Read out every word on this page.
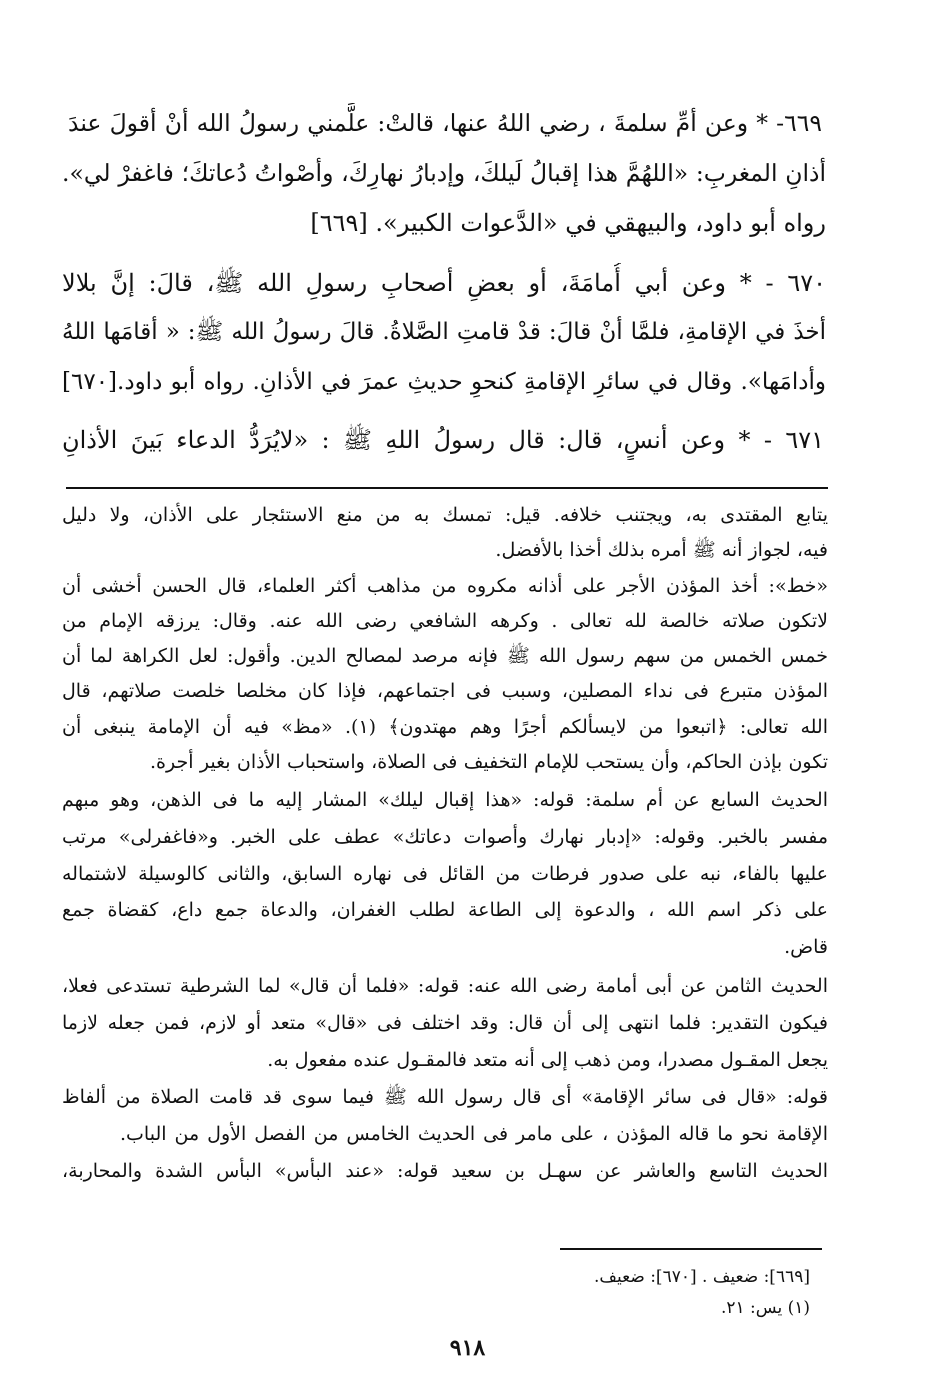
٦٦٩- * وعن أمِّ سلمةَ ، رضي اللهُ عنها، قالتْ: علَّمني رسولُ الله أنْ أقولَ عندَ
أذانِ المغربِ: «اللهُمَّ هذا إقبالُ لَيلكَ، وإدبارُ نهارِكَ، وأصْواتُ دُعاتكَ؛ فاغفرْ لي».
رواه أبو داود، والبيهقي في «الدَّعوات الكبير». [٦٦٩]
٦٧٠ - * وعن أبي أُمامَةَ، أو بعضِ أصحابِ رسولِ الله ﷺ، قالَ: إنَّ بلالا
أخذَ في الإقامةِ، فلمَّا أنْ قالَ: قدْ قامتِ الصَّلاةُ. قالَ رسولُ الله ﷺ: « أقامَها اللهُ
وأدامَها». وقال في سائرِ الإقامةِ كنحوِ حديثِ عمرَ في الأذانِ. رواه أبو داود.[٦٧٠]
٦٧١ - * وعن أنسٍ، قال: قال رسولُ اللهِ ﷺ : «لايُرَدُّ الدعاء بَينَ الأذانِ
يتابع المقتدى به، ويجتنب خلافه. قيل: تمسك به من منع الاستئجار على الأذان، ولا دليل
فيه، لجواز أنه ﷺ أمره بذلك أخذا بالأفضل.
«خط»: أخذ المؤذن الأجر على أذانه مكروه من مذاهب أكثر العلماء، قال الحسن أخشى أن
لاتكون صلاته خالصة لله تعالى . وكرهه الشافعي رضى الله عنه. وقال: يرزقه الإمام من
خمس الخمس من سهم رسول الله ﷺ فإنه مرصد لمصالح الدين. وأقول: لعل الكراهة لما أن
المؤذن متبرع فى نداء المصلين، وسبب فى اجتماعهم، فإذا كان مخلصا خلصت صلاتهم، قال
الله تعالى: ﴿اتبعوا من لايسألكم أجرًا وهم مهتدون﴾ (١). «مظ» فيه أن الإمامة ينبغى أن
تكون بإذن الحاكم، وأن يستحب للإمام التخفيف فى الصلاة، واستحباب الأذان بغير أجرة.
الحديث السابع عن أم سلمة: قوله: «هذا إقبال ليلك» المشار إليه ما فى الذهن، وهو مبهم
مفسر بالخبر. وقوله: «إدبار نهارك وأصوات دعاتك» عطف على الخبر. و«فاغفرلى» مرتب
عليها بالفاء، نبه على صدور فرطات من القائل فى نهاره السابق، والثانى كالوسيلة لاشتماله
على ذكر اسم الله ، والدعوة إلى الطاعة لطلب الغفران، والدعاة جمع داع، كقضاة جمع
قاض.
الحديث الثامن عن أبى أمامة رضى الله عنه: قوله: «فلما أن قال» لما الشرطية تستدعى فعلا،
فيكون التقدير: فلما انتهى إلى أن قال: وقد اختلف فى «قال» متعد أو لازم، فمن جعله لازما
يجعل المقـول مصدرا، ومن ذهب إلى أنه متعد فالمقـول عنده مفعول به.
قوله: «قال فى سائر الإقامة» أى قال رسول الله ﷺ فيما سوى قد قامت الصلاة من ألفاظ
الإقامة نحو ما قاله المؤذن ، على مامر فى الحديث الخامس من الفصل الأول من الباب.
الحديث التاسع والعاشر عن سهـل بن سعيد قوله: «عند البأس» البأس الشدة والمحاربة،
[٦٦٩]: ضعيف . [٦٧٠]: ضعيف.
(١) يس: ٢١.
٩١٨
